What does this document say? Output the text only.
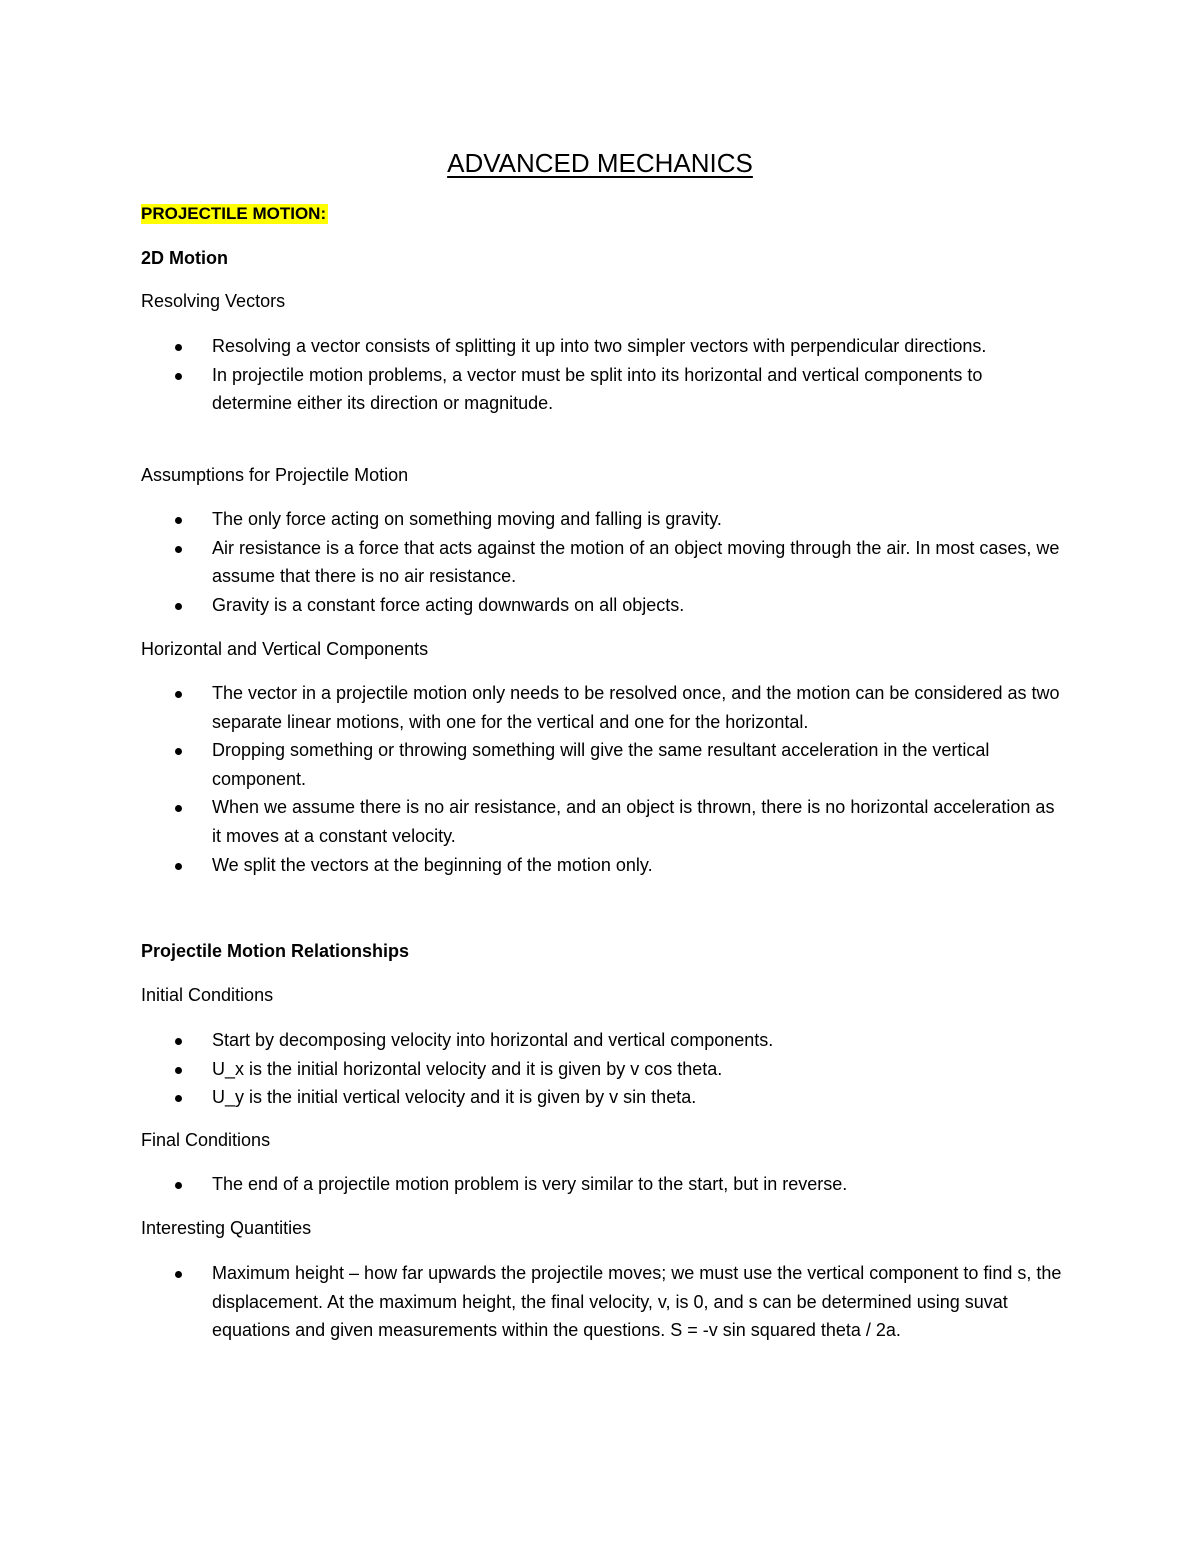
ADVANCED MECHANICS
PROJECTILE MOTION:
2D Motion
Resolving Vectors

Resolving a vector consists of splitting it up into two simpler vectors with perpendicular directions.

In projectile motion problems, a vector must be split into its horizontal and vertical components to determine either its direction or magnitude.

Assumptions for Projectile Motion

The only force acting on something moving and falling is gravity.

Air resistance is a force that acts against the motion of an object moving through the air. In most cases, we assume that there is no air resistance.

Gravity is a constant force acting downwards on all objects.

Horizontal and Vertical Components

The vector in a projectile motion only needs to be resolved once, and the motion can be considered as two separate linear motions, with one for the vertical and one for the horizontal.

Dropping something or throwing something will give the same resultant acceleration in the vertical component.

When we assume there is no air resistance, and an object is thrown, there is no horizontal acceleration as it moves at a constant velocity.

We split the vectors at the beginning of the motion only.

Projectile Motion Relationships
Initial Conditions

Start by decomposing velocity into horizontal and vertical components.

U_x is the initial horizontal velocity and it is given by v cos theta.

U_y is the initial vertical velocity and it is given by v sin theta.

Final Conditions

The end of a projectile motion problem is very similar to the start, but in reverse.

Interesting Quantities

Maximum height – how far upwards the projectile moves; we must use the vertical component to find s, the displacement. At the maximum height, the final velocity, v, is 0, and s can be determined using suvat equations and given measurements within the questions. S = -v sin squared theta / 2a.
